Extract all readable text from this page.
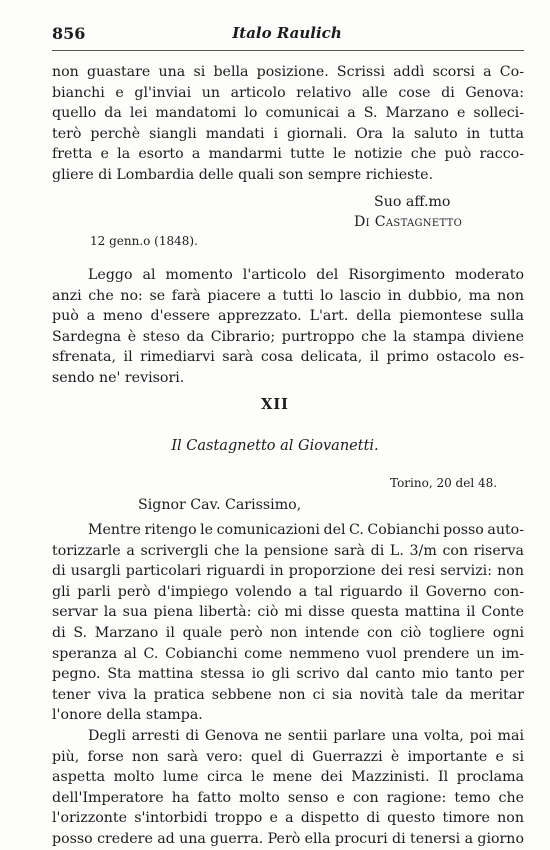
856	Italo Raulich
non guastare una si bella posizione. Scrissi addì scorsi a Co-
bianchi e gl'inviai un articolo relativo alle cose di Genova:
quello da lei mandatomi lo comunicai a S. Marzano e solleci-
terò perchè siangli mandati i giornali. Ora la saluto in tutta
fretta e la esorto a mandarmi tutte le notizie che può racco-
gliere di Lombardia delle quali son sempre richieste.
Suo aff.mo
Di Castagnetto
12 genn.o (1848).
Leggo al momento l'articolo del Risorgimento moderato
anzi che no: se farà piacere a tutti lo lascio in dubbio, ma non
può a meno d'essere apprezzato. L'art. della piemontese sulla
Sardegna è steso da Cibrario; purtroppo che la stampa diviene
sfrenata, il rimediarvi sarà cosa delicata, il primo ostacolo es-
sendo ne' revisori.
XII
Il Castagnetto al Giovanetti.
Torino, 20 del 48.
Signor Cav. Carissimo,
Mentre ritengo le comunicazioni del C. Cobianchi posso auto-
torizzarle a scrivergli che la pensione sarà di L. 3/m con riserva
di usargli particolari riguardi in proporzione dei resi servizi: non
gli parli però d'impiego volendo a tal riguardo il Governo con-
servar la sua piena libertà: ciò mi disse questa mattina il Conte
di S. Marzano il quale però non intende con ciò togliere ogni
speranza al C. Cobianchi come nemmeno vuol prendere un im-
pegno. Sta mattina stessa io gli scrivo dal canto mio tanto per
tener viva la pratica sebbene non ci sia novità tale da meritar
l'onore della stampa.
Degli arresti di Genova ne sentii parlare una volta, poi mai
più, forse non sarà vero: quel di Guerrazzi è importante e si
aspetta molto lume circa le mene dei Mazzinisti. Il proclama
dell'Imperatore ha fatto molto senso e con ragione: temo che
l'orizzonte s'intorbidi troppo e a dispetto di questo timore non
posso credere ad una guerra. Però ella procuri di tenersi a giorno
